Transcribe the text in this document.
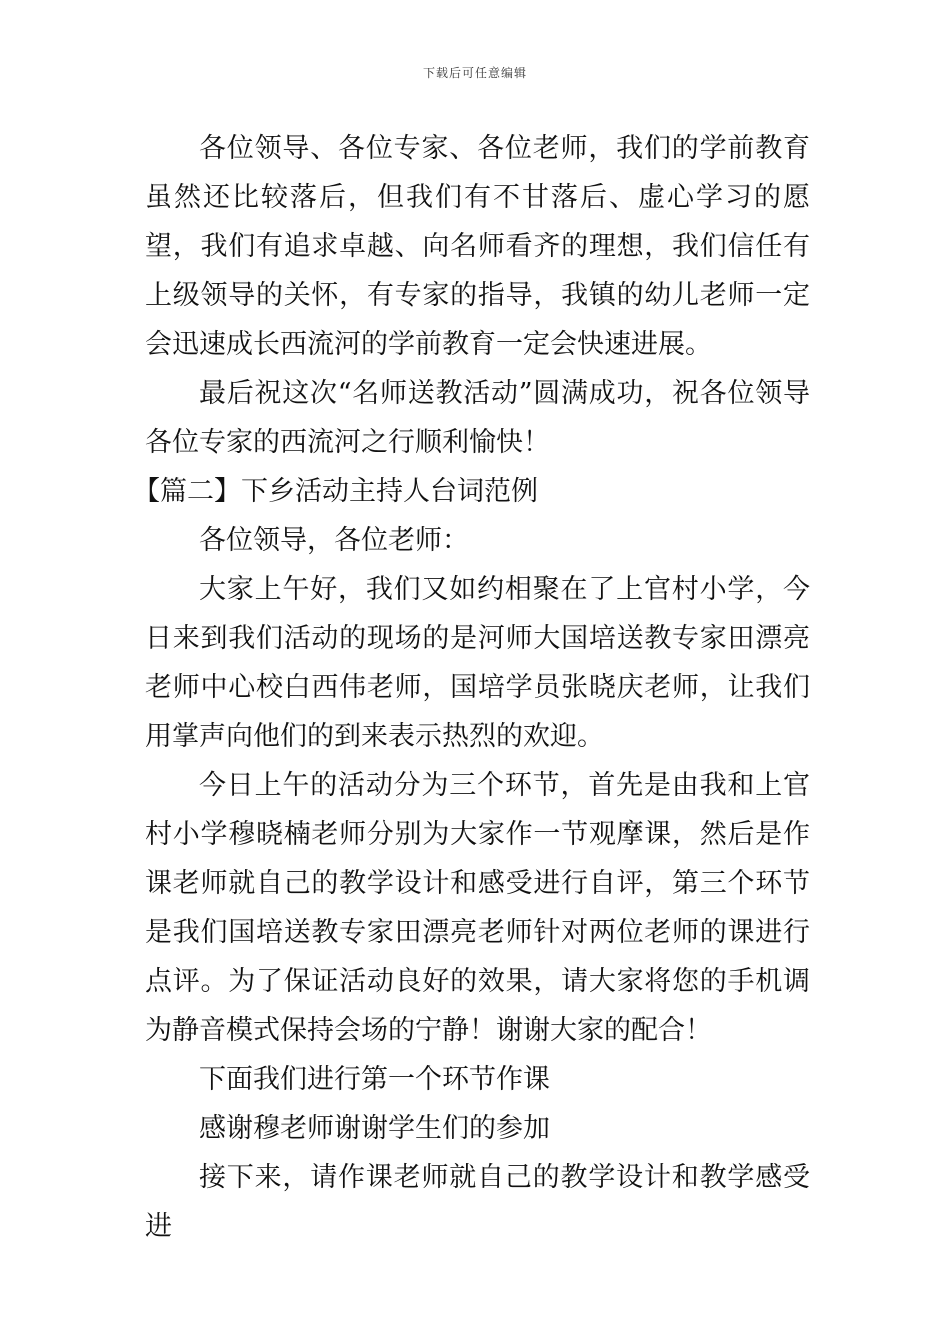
下载后可任意编辑

各位领导、各位专家、各位老师，我们的学前教育虽然还比较落后，但我们有不甘落后、虚心学习的愿望，我们有追求卓越、向名师看齐的理想，我们信任有上级领导的关怀，有专家的指导，我镇的幼儿老师一定会迅速成长西流河的学前教育一定会快速进展。

最后祝这次“名师送教活动”圆满成功，祝各位领导各位专家的西流河之行顺利愉快！

【篇二】下乡活动主持人台词范例

各位领导，各位老师：

大家上午好，我们又如约相聚在了上官村小学，今日来到我们活动的现场的是河师大国培送教专家田漂亮老师中心校白西伟老师，国培学员张晓庆老师，让我们用掌声向他们的到来表示热烈的欢迎。

今日上午的活动分为三个环节，首先是由我和上官村小学穆晓楠老师分别为大家作一节观摩课，然后是作课老师就自己的教学设计和感受进行自评，第三个环节是我们国培送教专家田漂亮老师针对两位老师的课进行点评。为了保证活动良好的效果，请大家将您的手机调为静音模式保持会场的宁静！谢谢大家的配合！

下面我们进行第一个环节作课

感谢穆老师谢谢学生们的参加

接下来，请作课老师就自己的教学设计和教学感受进
